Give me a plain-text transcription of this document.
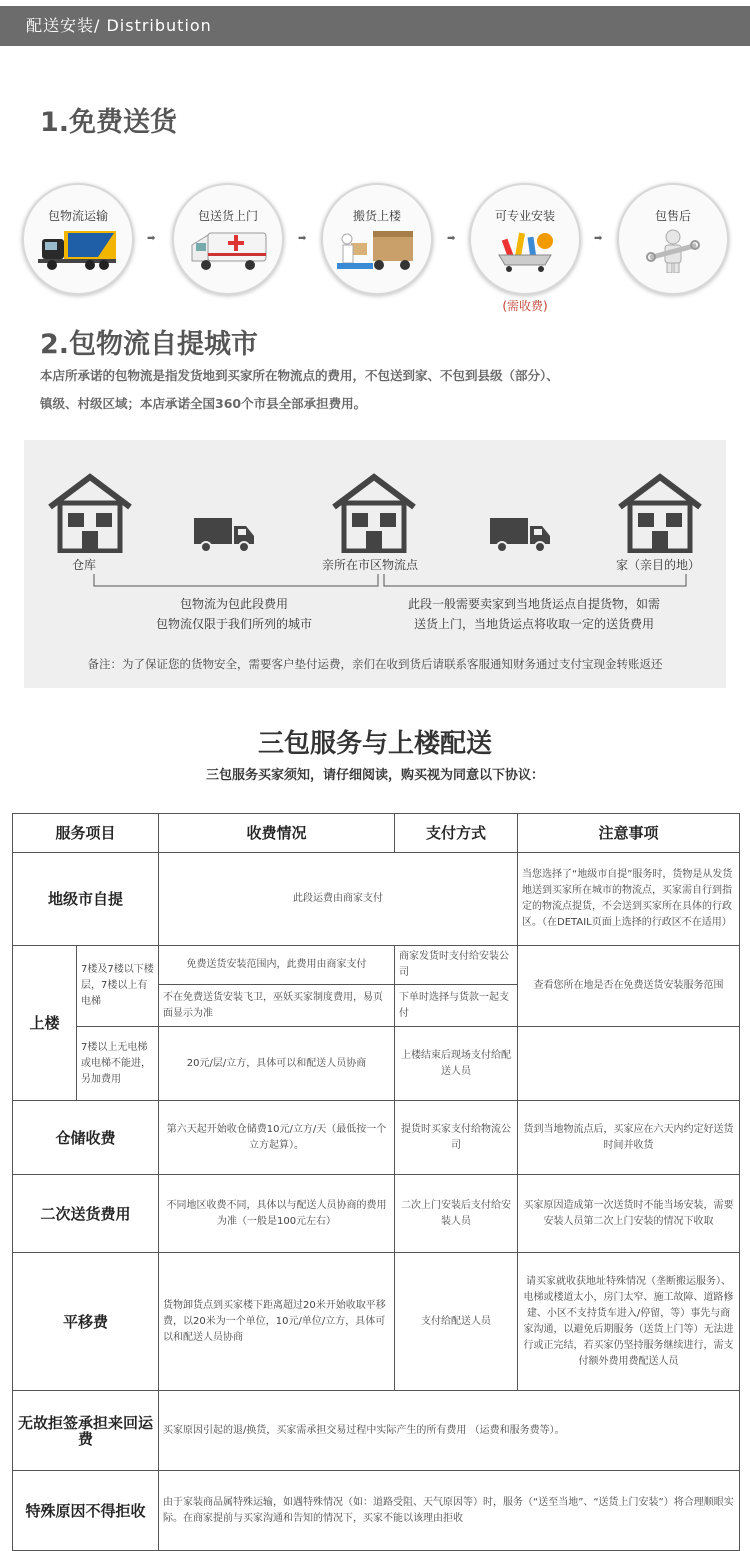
配送安装/ Distribution
1.免费送货
包物流运输
➡
包送货上门
➡
搬货上楼
➡
可专业安装
➡
(需收费)
包售后
2.包物流自提城市
本店所承诺的包物流是指发货地到买家所在物流点的费用，不包送到家、不包到县级（部分）、镇级、村级区域；本店承诺全国360个市县全部承担费用。
仓库	亲所在市区物流点	家（亲目的地）
包物流为包此段费用
包物流仅限于我们所列的城市
此段一般需要卖家到当地货运点自提货物，如需
送货上门，当地货运点将收取一定的送货费用
备注：为了保证您的货物安全，需要客户垫付运费，亲们在收到货后请联系客服通知财务通过支付宝现金转账返还
三包服务与上楼配送
三包服务买家须知，请仔细阅读，购买视为同意以下协议：
服务项目		收费情况	支付方式	注意事项
地级市自提		此段运费由商家支付		当您选择了“地级市自提”服务时，货物是从发货地送到买家所在城市的物流点，买家需自行到指定的物流点提货，不会送到买家所在具体的行政区。（在DETAIL页面上选择的行政区不在适用）
上楼	7楼及7楼以下楼层，7楼以上有电梯	免费送货安装范围内，此费用由商家支付	商家发货时支付给安装公司	查看您所在地是否在免费送货安装服务范围
		不在免费送货安装飞卫，巫妖买家制度费用，易页面显示为准	下单时选择与货款一起支付	
	7楼以上无电梯或电梯不能进，另加费用	20元/层/立方，具体可以和配送人员协商	上楼结束后现场支付给配送人员	
仓储收费		第六天起开始收仓储费10元/立方/天（最低按一个立方起算）。	提货时买家支付给物流公司	货到当地物流点后，买家应在六天内约定好送货时间并收货
二次送货费用		不同地区收费不同，具体以与配送人员协商的费用为准（一般是100元左右）	二次上门安装后支付给安装人员	买家原因造成第一次送货时不能当场安装，需要安装人员第二次上门安装的情况下收取
平移费		货物卸货点到买家楼下距离超过20米开始收取平移费，以20米为一个单位，10元/单位/立方，具体可以和配送人员协商	支付给配送人员	请买家就收获地址特殊情况（垄断搬运服务）、电梯或楼道太小，房门太窄、施工故障、道路修建、小区不支持货车进入/停留，等）事先与商家沟通，以避免后期服务（送货上门等）无法进行或正完结，若买家仍坚持服务继续进行，需支付额外费用费配送人员
无故拒签承担来回运费		买家原因引起的退/换货，买家需承担交易过程中实际产生的所有费用 （运费和服务费等）。		
特殊原因不得拒收		由于家装商品属特殊运输，如遇特殊情况（如：道路受阻、天气原因等）时，服务（“送至当地”、“送货上门安装”）将合理顺眼实际。在商家提前与买家沟通和告知的情况下，买家不能以该理由拒收		
